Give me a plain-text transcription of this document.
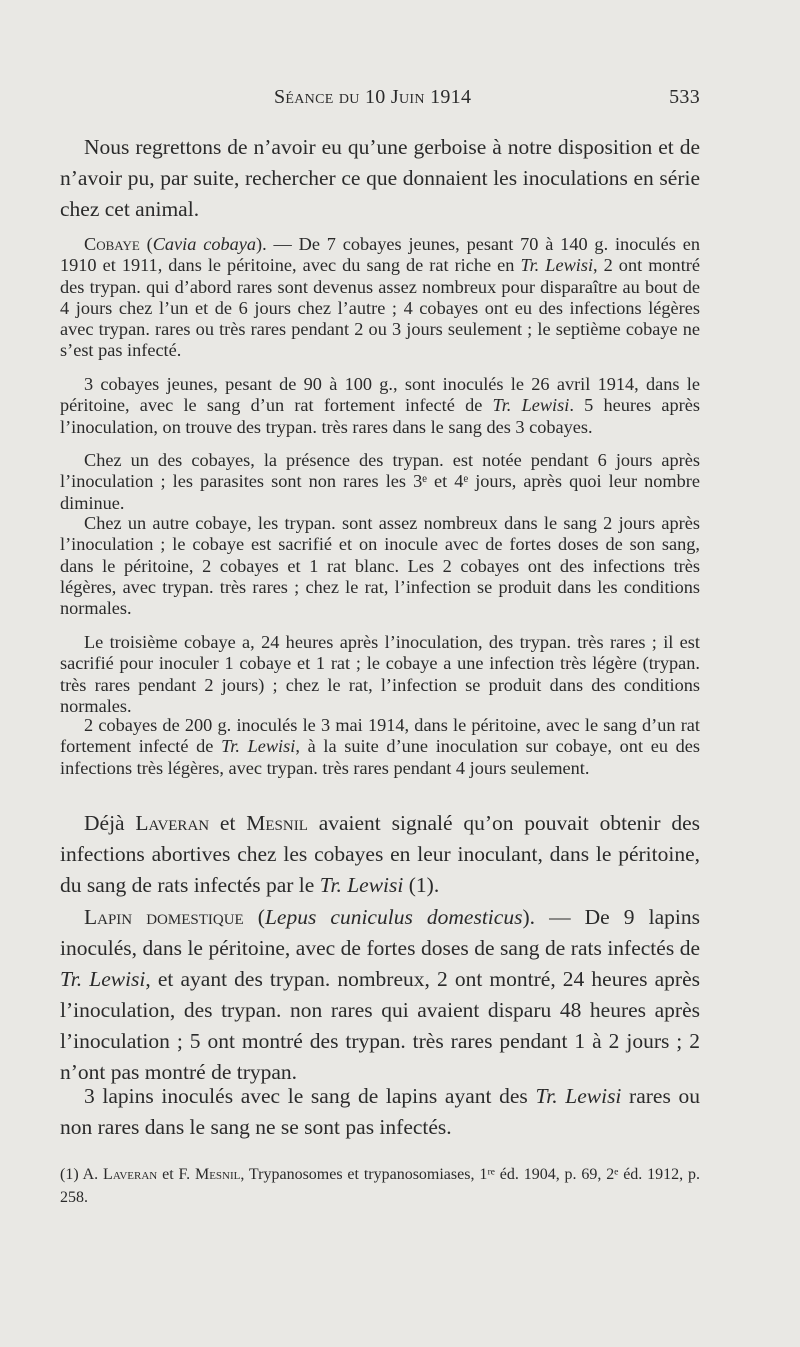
Séance du 10 Juin 1914	533

Nous regrettons de n’avoir eu qu’une gerboise à notre disposition et de n’avoir pu, par suite, rechercher ce que donnaient les inoculations en série chez cet animal.

Cobaye (Cavia cobaya). — De 7 cobayes jeunes, pesant 70 à 140 g. inoculés en 1910 et 1911, dans le péritoine, avec du sang de rat riche en Tr. Lewisi, 2 ont montré des trypan. qui d’abord rares sont devenus assez nombreux pour disparaître au bout de 4 jours chez l’un et de 6 jours chez l’autre ; 4 cobayes ont eu des infections légères avec trypan. rares ou très rares pendant 2 ou 3 jours seulement ; le septième cobaye ne s’est pas infecté.

3 cobayes jeunes, pesant de 90 à 100 g., sont inoculés le 26 avril 1914, dans le péritoine, avec le sang d’un rat fortement infecté de Tr. Lewisi. 5 heures après l’inoculation, on trouve des trypan. très rares dans le sang des 3 cobayes.

Chez un des cobayes, la présence des trypan. est notée pendant 6 jours après l’inoculation ; les parasites sont non rares les 3ᵉ et 4ᵉ jours, après quoi leur nombre diminue.

Chez un autre cobaye, les trypan. sont assez nombreux dans le sang 2 jours après l’inoculation ; le cobaye est sacrifié et on inocule avec de fortes doses de son sang, dans le péritoine, 2 cobayes et 1 rat blanc. Les 2 cobayes ont des infections très légères, avec trypan. très rares ; chez le rat, l’infection se produit dans les conditions normales.

Le troisième cobaye a, 24 heures après l’inoculation, des trypan. très rares ; il est sacrifié pour inoculer 1 cobaye et 1 rat ; le cobaye a une infection très légère (trypan. très rares pendant 2 jours) ; chez le rat, l’infection se produit dans des conditions normales.

2 cobayes de 200 g. inoculés le 3 mai 1914, dans le péritoine, avec le sang d’un rat fortement infecté de Tr. Lewisi, à la suite d’une inoculation sur cobaye, ont eu des infections très légères, avec trypan. très rares pendant 4 jours seulement.

Déjà Laveran et Mesnil avaient signalé qu’on pouvait obtenir des infections abortives chez les cobayes en leur inoculant, dans le péritoine, du sang de rats infectés par le Tr. Lewisi (1).

Lapin domestique (Lepus cuniculus domesticus). — De 9 lapins inoculés, dans le péritoine, avec de fortes doses de sang de rats infectés de Tr. Lewisi, et ayant des trypan. nombreux, 2 ont montré, 24 heures après l’inoculation, des trypan. non rares qui avaient disparu 48 heures après l’inoculation ; 5 ont montré des trypan. très rares pendant 1 à 2 jours ; 2 n’ont pas montré de trypan.

3 lapins inoculés avec le sang de lapins ayant des Tr. Lewisi rares ou non rares dans le sang ne se sont pas infectés.

(1) A. Laveran et F. Mesnil, Trypanosomes et trypanosomiases, 1ʳᵉ éd. 1904, p. 69, 2ᵉ éd. 1912, p. 258.
